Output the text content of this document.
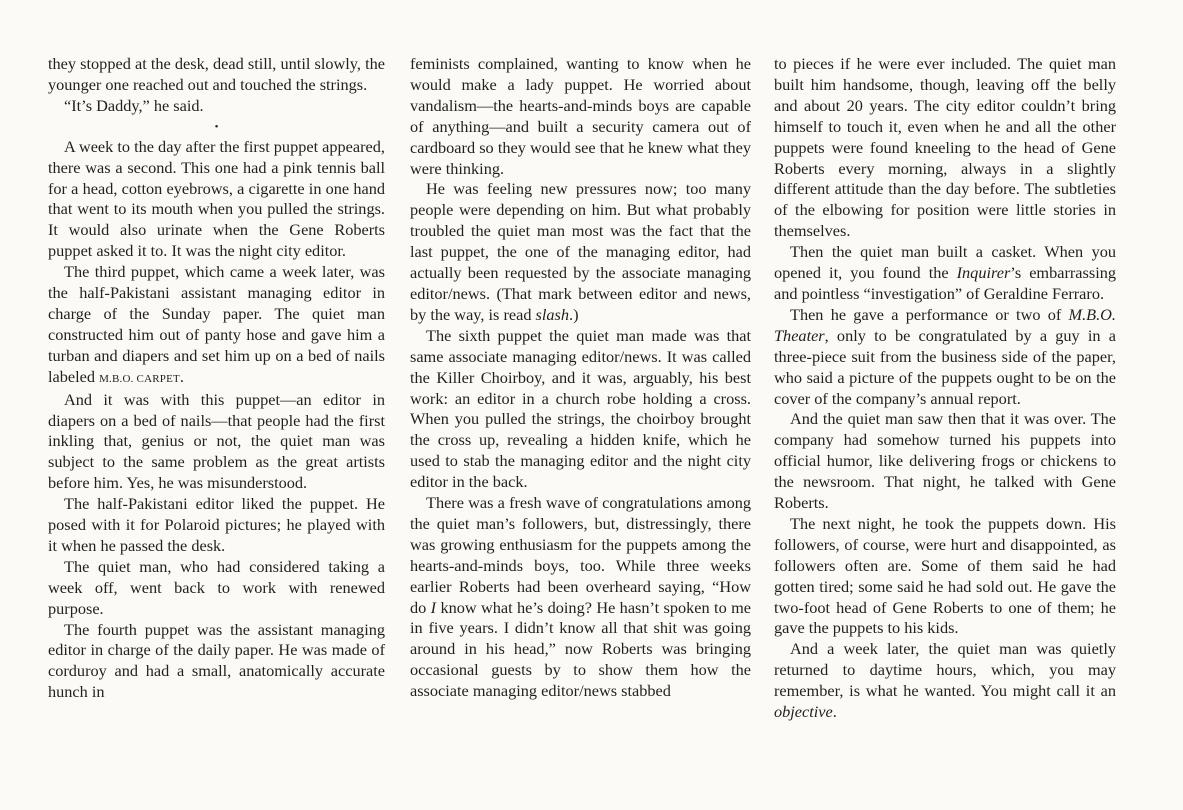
they stopped at the desk, dead still, until slowly, the younger one reached out and touched the strings.

“It’s Daddy,” he said.

•

A week to the day after the first puppet appeared, there was a second. This one had a pink tennis ball for a head, cotton eyebrows, a cigarette in one hand that went to its mouth when you pulled the strings. It would also urinate when the Gene Roberts puppet asked it to. It was the night city editor.

The third puppet, which came a week later, was the half-Pakistani assistant managing editor in charge of the Sunday paper. The quiet man constructed him out of panty hose and gave him a turban and diapers and set him up on a bed of nails labeled M.B.O. CARPET.

And it was with this puppet—an editor in diapers on a bed of nails—that people had the first inkling that, genius or not, the quiet man was subject to the same problem as the great artists before him. Yes, he was misunderstood.

The half-Pakistani editor liked the puppet. He posed with it for Polaroid pictures; he played with it when he passed the desk.

The quiet man, who had considered taking a week off, went back to work with renewed purpose.

The fourth puppet was the assistant managing editor in charge of the daily paper. He was made of corduroy and had a small, anatomically accurate hunch in

feminists complained, wanting to know when he would make a lady puppet. He worried about vandalism—the hearts-and-minds boys are capable of anything—and built a security camera out of cardboard so they would see that he knew what they were thinking.

He was feeling new pressures now; too many people were depending on him. But what probably troubled the quiet man most was the fact that the last puppet, the one of the managing editor, had actually been requested by the associate managing editor/news. (That mark between editor and news, by the way, is read slash.)

The sixth puppet the quiet man made was that same associate managing editor/news. It was called the Killer Choirboy, and it was, arguably, his best work: an editor in a church robe holding a cross. When you pulled the strings, the choirboy brought the cross up, revealing a hidden knife, which he used to stab the managing editor and the night city editor in the back.

There was a fresh wave of congratulations among the quiet man’s followers, but, distressingly, there was growing enthusiasm for the puppets among the hearts-and-minds boys, too. While three weeks earlier Roberts had been overheard saying, “How do I know what he’s doing? He hasn’t spoken to me in five years. I didn’t know all that shit was going around in his head,” now Roberts was bringing occasional guests by to show them how the associate managing editor/news stabbed

to pieces if he were ever included. The quiet man built him handsome, though, leaving off the belly and about 20 years. The city editor couldn’t bring himself to touch it, even when he and all the other puppets were found kneeling to the head of Gene Roberts every morning, always in a slightly different attitude than the day before. The subtleties of the elbowing for position were little stories in themselves.

Then the quiet man built a casket. When you opened it, you found the Inquirer’s embarrassing and pointless “investigation” of Geraldine Ferraro.

Then he gave a performance or two of M.B.O. Theater, only to be congratulated by a guy in a three-piece suit from the business side of the paper, who said a picture of the puppets ought to be on the cover of the company’s annual report.

And the quiet man saw then that it was over. The company had somehow turned his puppets into official humor, like delivering frogs or chickens to the newsroom. That night, he talked with Gene Roberts.

The next night, he took the puppets down. His followers, of course, were hurt and disappointed, as followers often are. Some of them said he had gotten tired; some said he had sold out. He gave the two-foot head of Gene Roberts to one of them; he gave the puppets to his kids.

And a week later, the quiet man was quietly returned to daytime hours, which, you may remember, is what he wanted. You might call it an objective.
